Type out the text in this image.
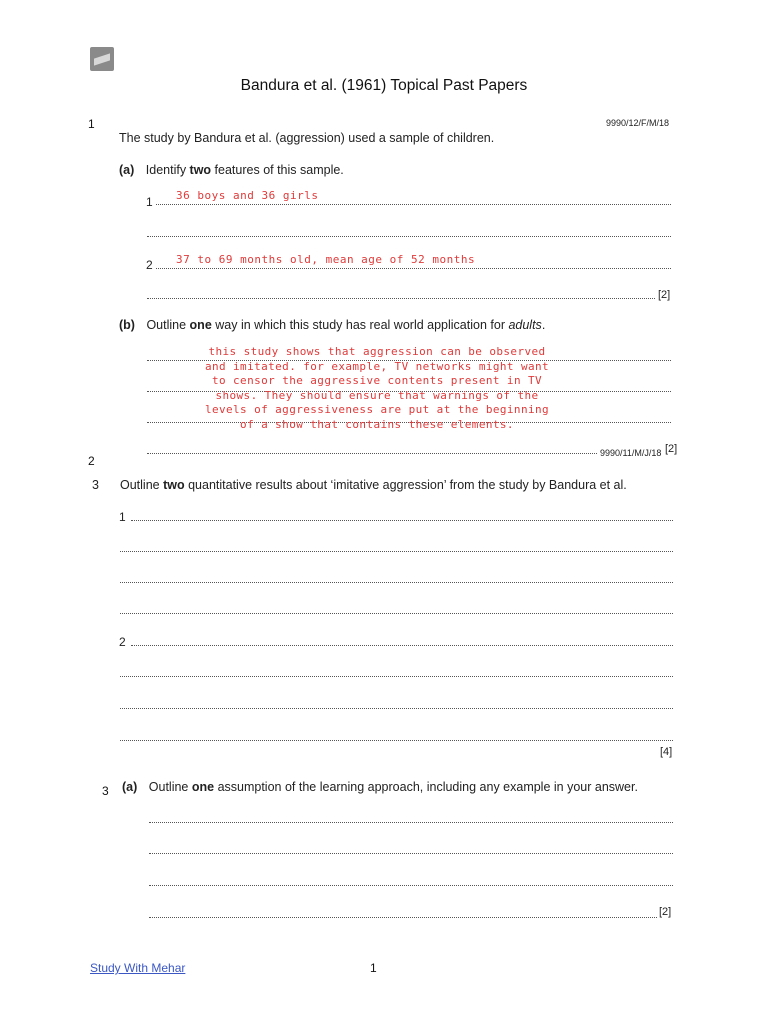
Bandura et al. (1961) Topical Past Papers
1	9990/12/F/M/18
The study by Bandura et al. (aggression) used a sample of children.
(a) Identify two features of this sample.
1 36 boys and 36 girls
2 37 to 69 months old, mean age of 52 months
[2]
(b) Outline one way in which this study has real world application for adults.
this study shows that aggression can be observed
and imitated. for example, TV networks might want
to censor the aggressive contents present in TV
shows. They should ensure that warnings of the
levels of aggressiveness are put at the beginning
of a show that contains these elements.
9990/11/M/J/18 [2]
2
3 Outline two quantitative results about ‘imitative aggression’ from the study by Bandura et al.
1
2
[4]
3 (a) Outline one assumption of the learning approach, including any example in your answer.
[2]
Study With Mehar	1
